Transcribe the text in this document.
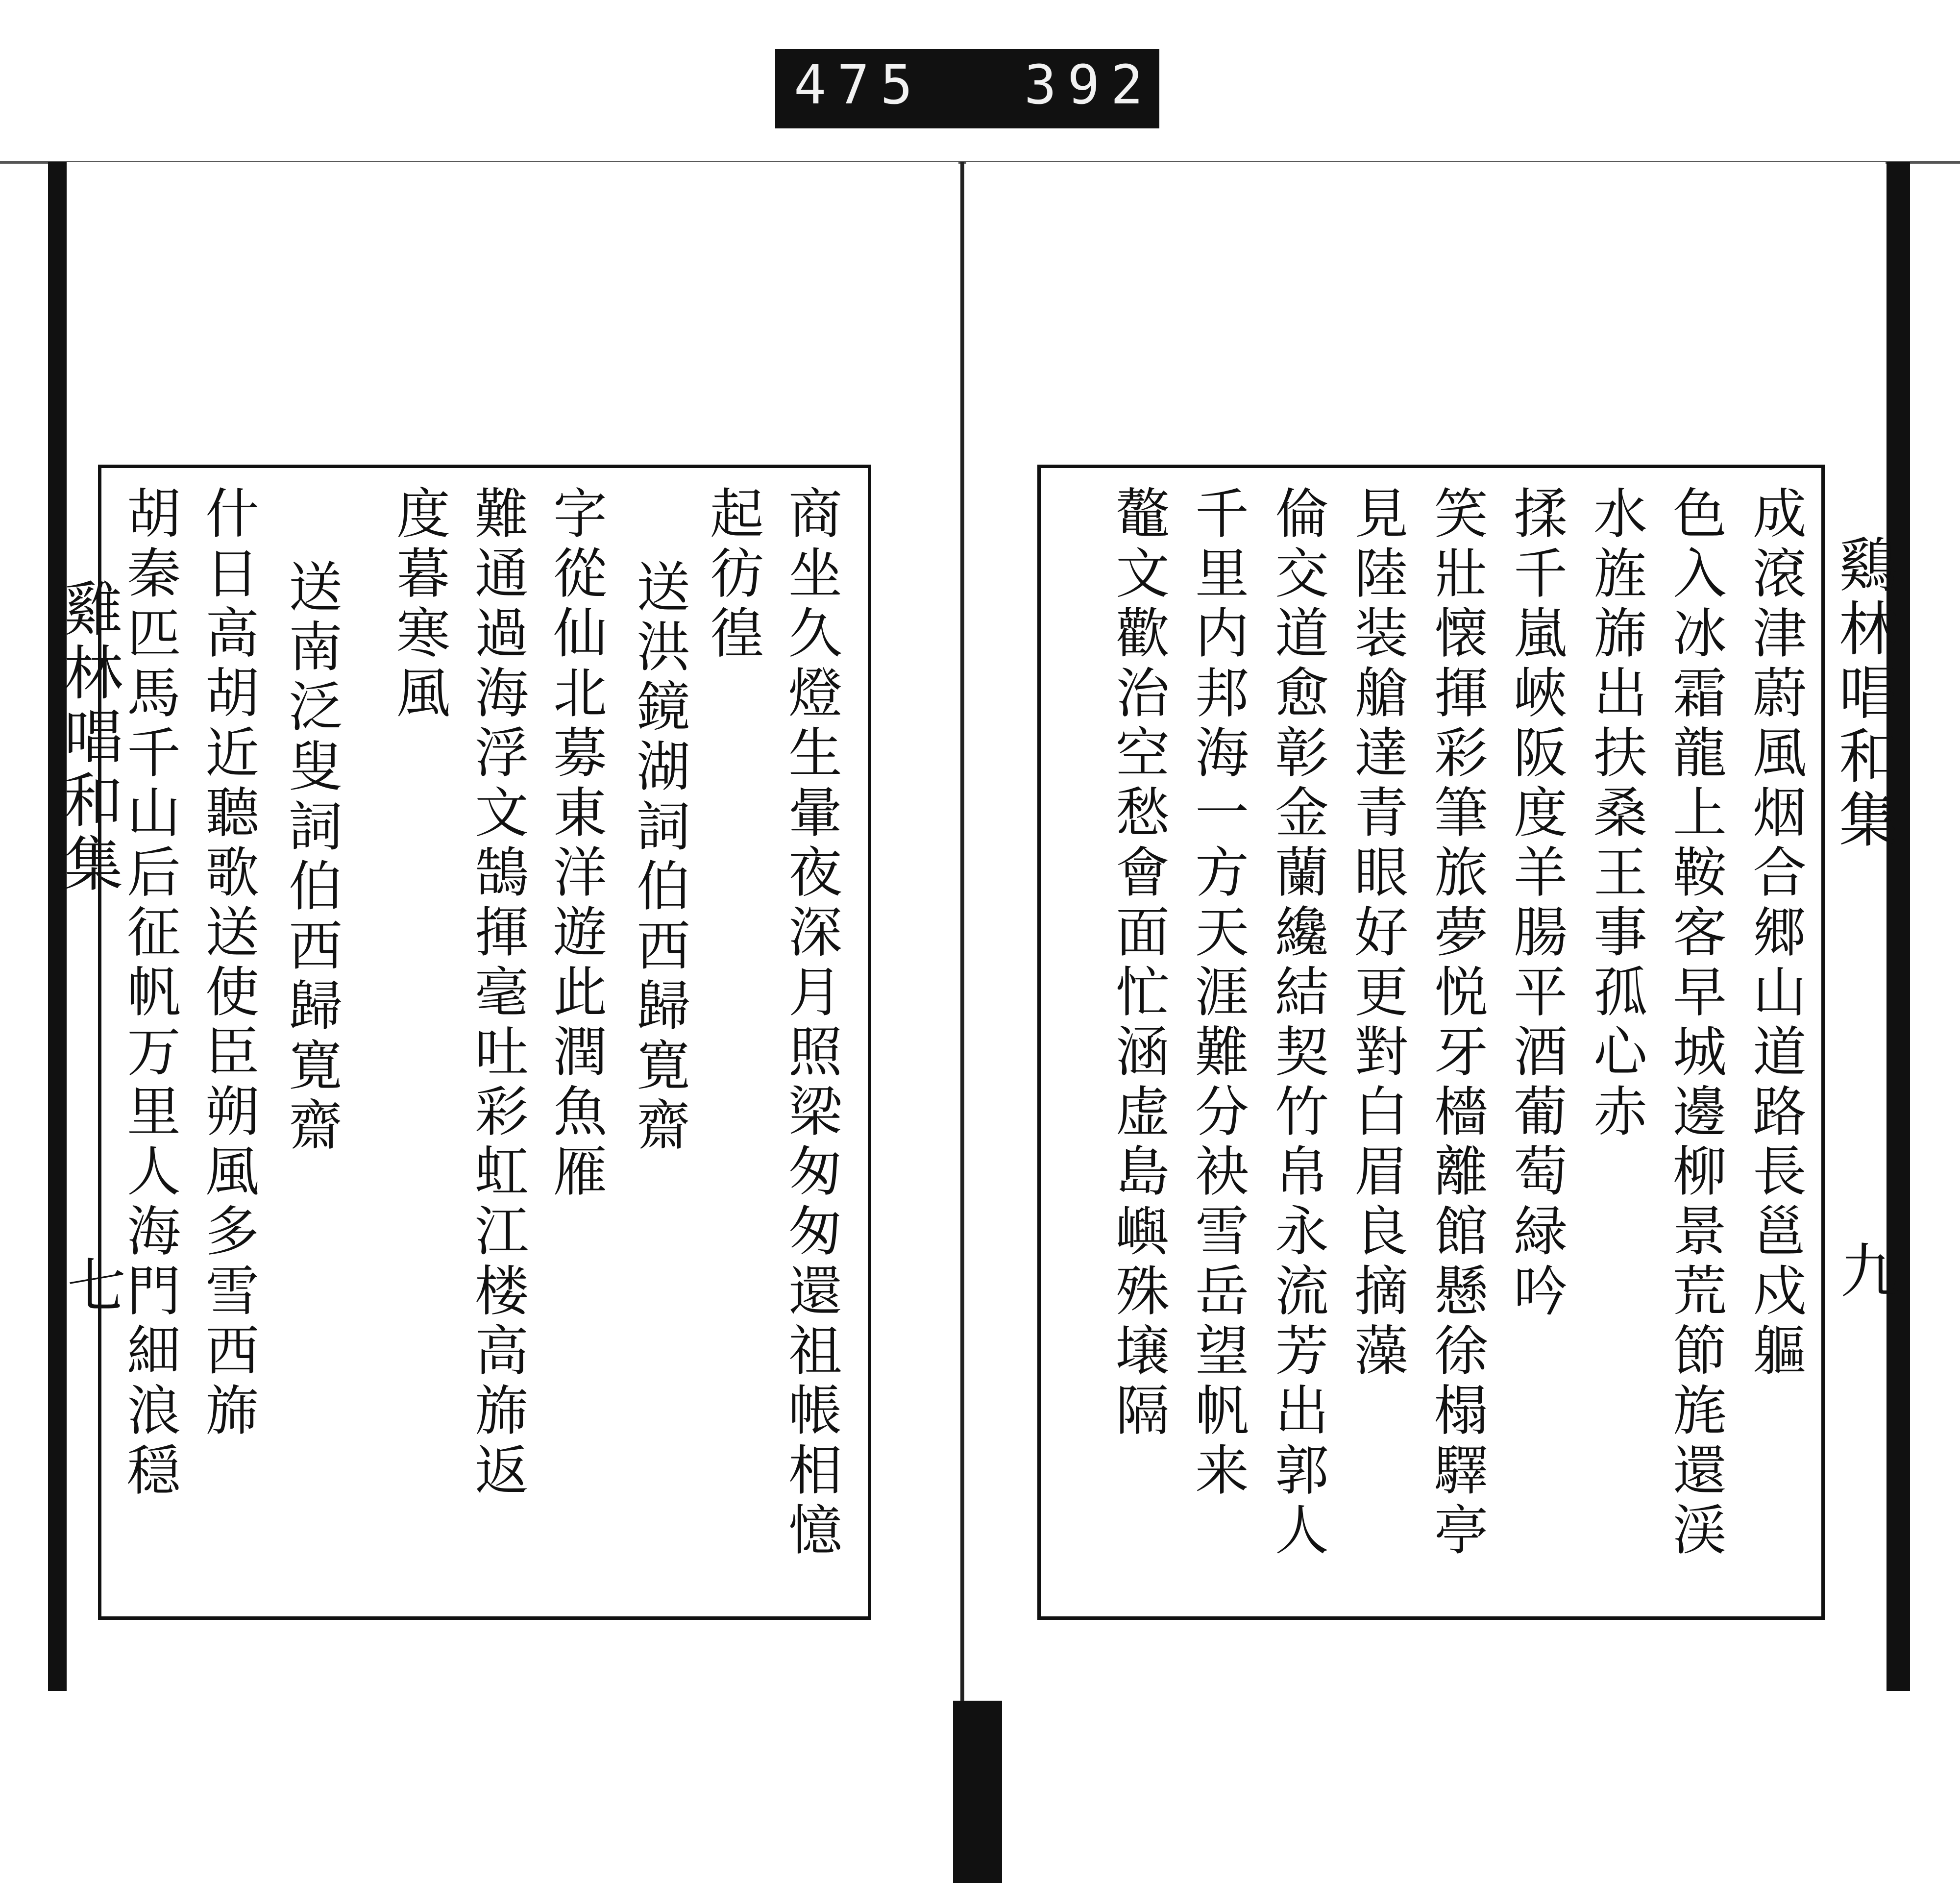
475 392
雞林唱和集
七
鷄林唱和集
九
成滾津蔚風烟合郷山道路長邕戍軀
色入冰霜龍上鞍客早城邊柳景荒節旄還渓
水旌旆出扶桑王事孤心赤
揉千嵐峽阪度羊腸平酒葡萄緑吟
笑壯懐揮彩筆旅夢悦牙檣離館懸徐榻驛亭
見陸装艙達青眼好更對白眉良摘藻
倫交道愈彰金蘭纔結契竹帛永流芳出郭人
千里内邦海一方天涯難分袂雪岳望帆来
鼇文歡治空愁會面忙涵虚島嶼殊壌隔
商坐久燈生暈夜深月照梁匆匆還祖帳相憶
起彷徨
送洪鏡湖詞伯西歸寛齋
字從仙北募東洋遊此潤魚雁
難通過海浮文鵠揮毫吐彩虹江楼高旆返
度暮寒風
送南泛叟詞伯西歸寛齋
什日高胡近聽歌送使臣朔風多雪西旆
胡秦匹馬千山后征帆万里人海門細浪穏
